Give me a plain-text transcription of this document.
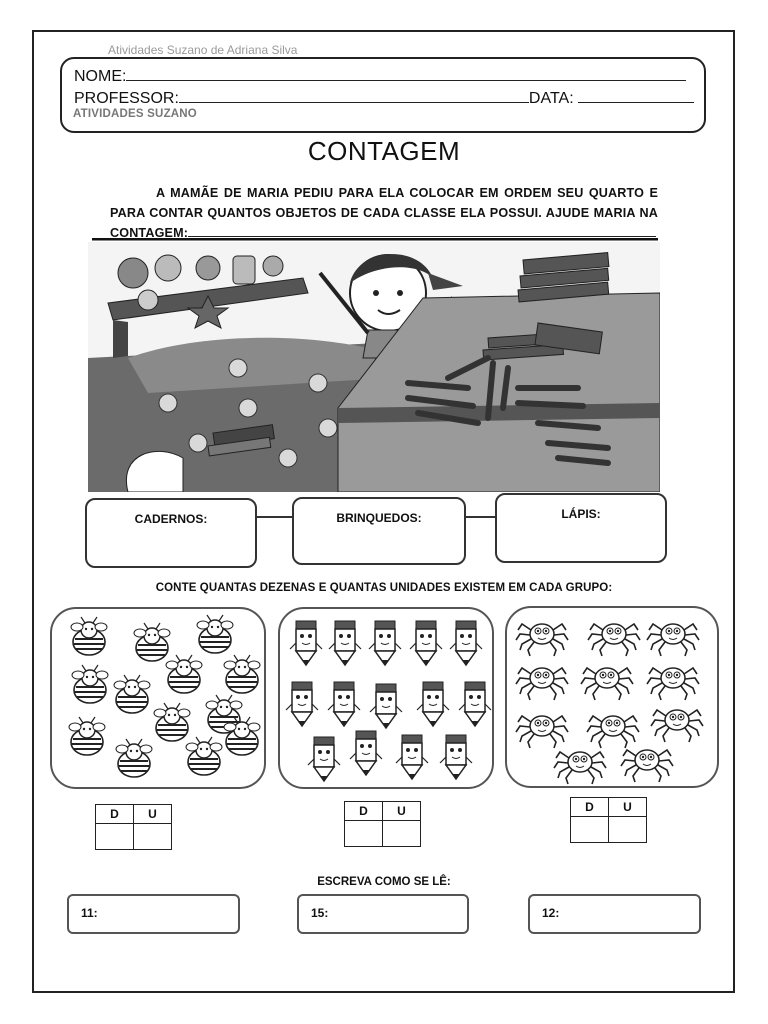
Atividades Suzano de Adriana Silva
NOME:
PROFESSOR:	DATA:
ATIVIDADES SUZANO
CONTAGEM
A MAMÃE DE MARIA PEDIU PARA ELA COLOCAR EM ORDEM SEU QUARTO E PARA CONTAR QUANTOS OBJETOS DE CADA CLASSE ELA POSSUI. AJUDE MARIA NA CONTAGEM:
CADERNOS:	BRINQUEDOS:	LÁPIS:
CONTE QUANTAS DEZENAS E QUANTAS UNIDADES EXISTEM EM CADA GRUPO:
D	U
		D	U
		D	U

ESCREVA COMO SE LÊ:
11:	15:	12:
